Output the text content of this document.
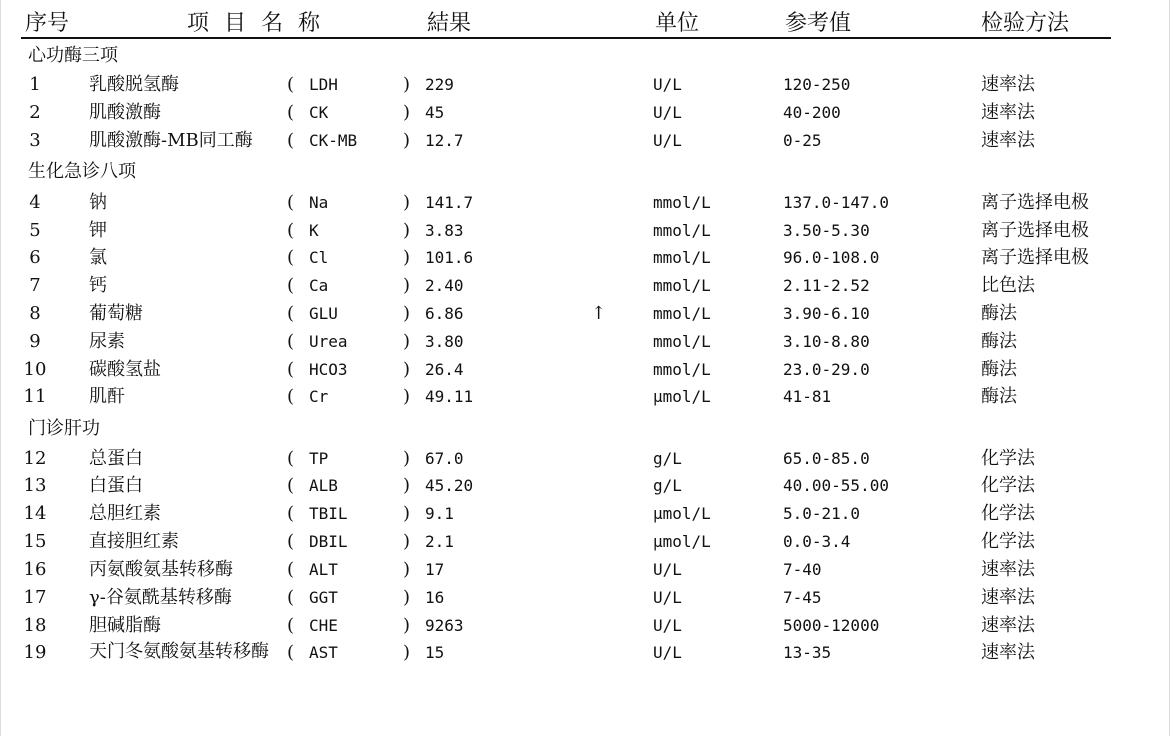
序号	项 目 名 称	結果	单位	参考值	检验方法
心功酶三项
生化急诊八项
门诊肝功
1	乳酸脱氢酶	( LDH	) 229	U/L	120-250	速率法
2	肌酸激酶	( CK	) 45	U/L	40-200	速率法
3	肌酸激酶-MB同工酶 ( CK-MB	) 12.7	U/L	0-25	速率法
4	钠	( Na	) 141.7	mmol/L	137.0-147.0	离子选择电极
5	钾	( K	) 3.83	mmol/L	3.50-5.30	离子选择电极
6	氯	( Cl	) 101.6	mmol/L	96.0-108.0	离子选择电极
7	钙	( Ca	) 2.40	mmol/L	2.11-2.52	比色法
8	葡萄糖	( GLU	) 6.86	↑	mmol/L	3.90-6.10	酶法
9	尿素	( Urea	) 3.80	mmol/L	3.10-8.80	酶法
10	碳酸氢盐	( HCO3	) 26.4	mmol/L	23.0-29.0	酶法
11	肌酐	( Cr	) 49.11	μmol/L	41-81	酶法
12	总蛋白	( TP	) 67.0	g/L	65.0-85.0	化学法
13	白蛋白	( ALB	) 45.20	g/L	40.00-55.00	化学法
14	总胆红素	( TBIL	) 9.1	μmol/L	5.0-21.0	化学法
15	直接胆红素	( DBIL	) 2.1	μmol/L	0.0-3.4	化学法
16	丙氨酸氨基转移酶	( ALT	) 17	U/L	7-40	速率法
17	γ-谷氨酰基转移酶	( GGT	) 16	U/L	7-45	速率法
18	胆碱脂酶	( CHE	) 9263	U/L	5000-12000	速率法
19	天门冬氨酸氨基转移酶 ( AST	) 15	U/L	13-35	速率法
